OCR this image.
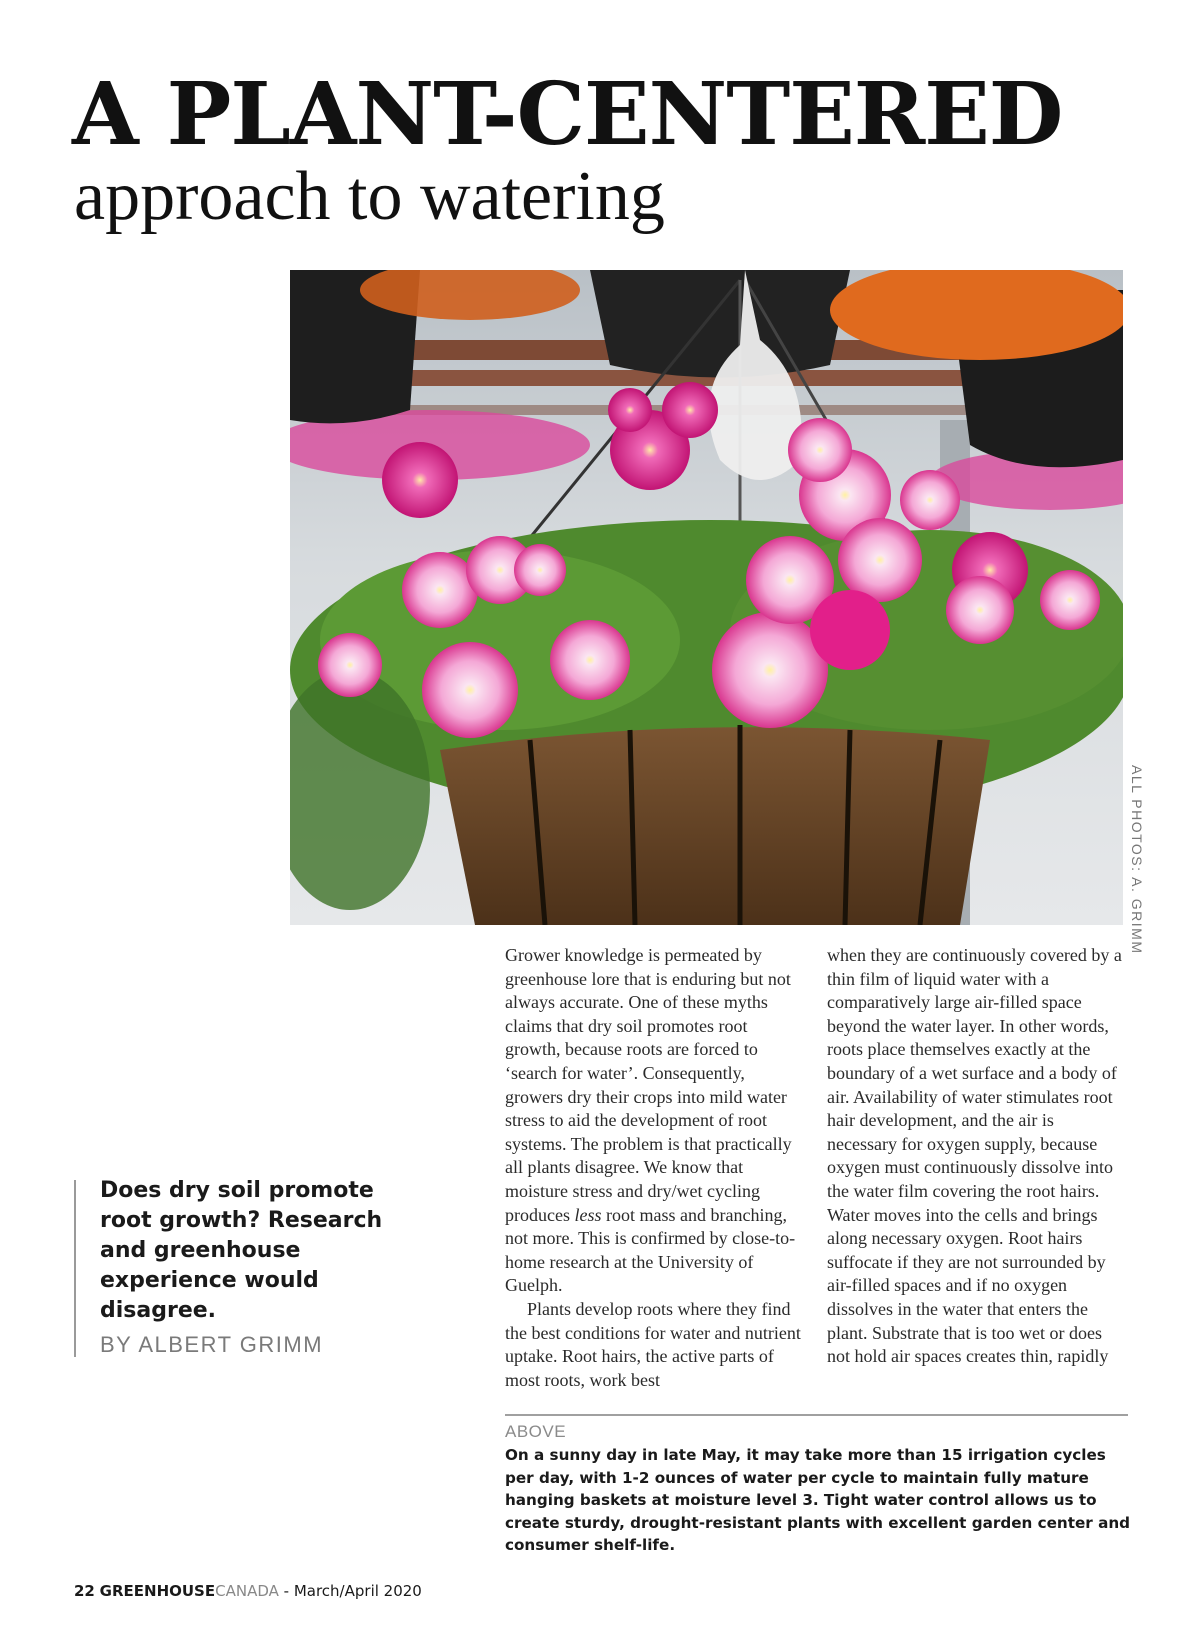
A PLANT-CENTERED
approach to watering
ALL PHOTOS: A. GRIMM

Does dry soil promote root growth? Research and greenhouse experience would disagree.

BY ALBERT GRIMM

Grower knowledge is permeated by greenhouse lore that is enduring but not always accurate. One of these myths claims that dry soil promotes root growth, because roots are forced to ‘search for water’. Consequently, growers dry their crops into mild water stress to aid the development of root systems. The problem is that practically all plants disagree. We know that moisture stress and dry/wet cycling produces less root mass and branching, not more. This is confirmed by close-to-home research at the University of Guelph.

Plants develop roots where they find the best conditions for water and nutrient uptake. Root hairs, the active parts of most roots, work best

when they are continuously covered by a thin film of liquid water with a comparatively large air-filled space beyond the water layer. In other words, roots place themselves exactly at the boundary of a wet surface and a body of air. Availability of water stimulates root hair development, and the air is necessary for oxygen supply, because oxygen must continuously dissolve into the water film covering the root hairs. Water moves into the cells and brings along necessary oxygen. Root hairs suffocate if they are not surrounded by air-filled spaces and if no oxygen dissolves in the water that enters the plant. Substrate that is too wet or does not hold air spaces creates thin, rapidly

ABOVE

On a sunny day in late May, it may take more than 15 irrigation cycles per day, with 1-2 ounces of water per cycle to maintain fully mature hanging baskets at moisture level 3. Tight water control allows us to create sturdy, drought-resistant plants with excellent garden center and consumer shelf-life.

22 GREENHOUSECANADA - March/April 2020
